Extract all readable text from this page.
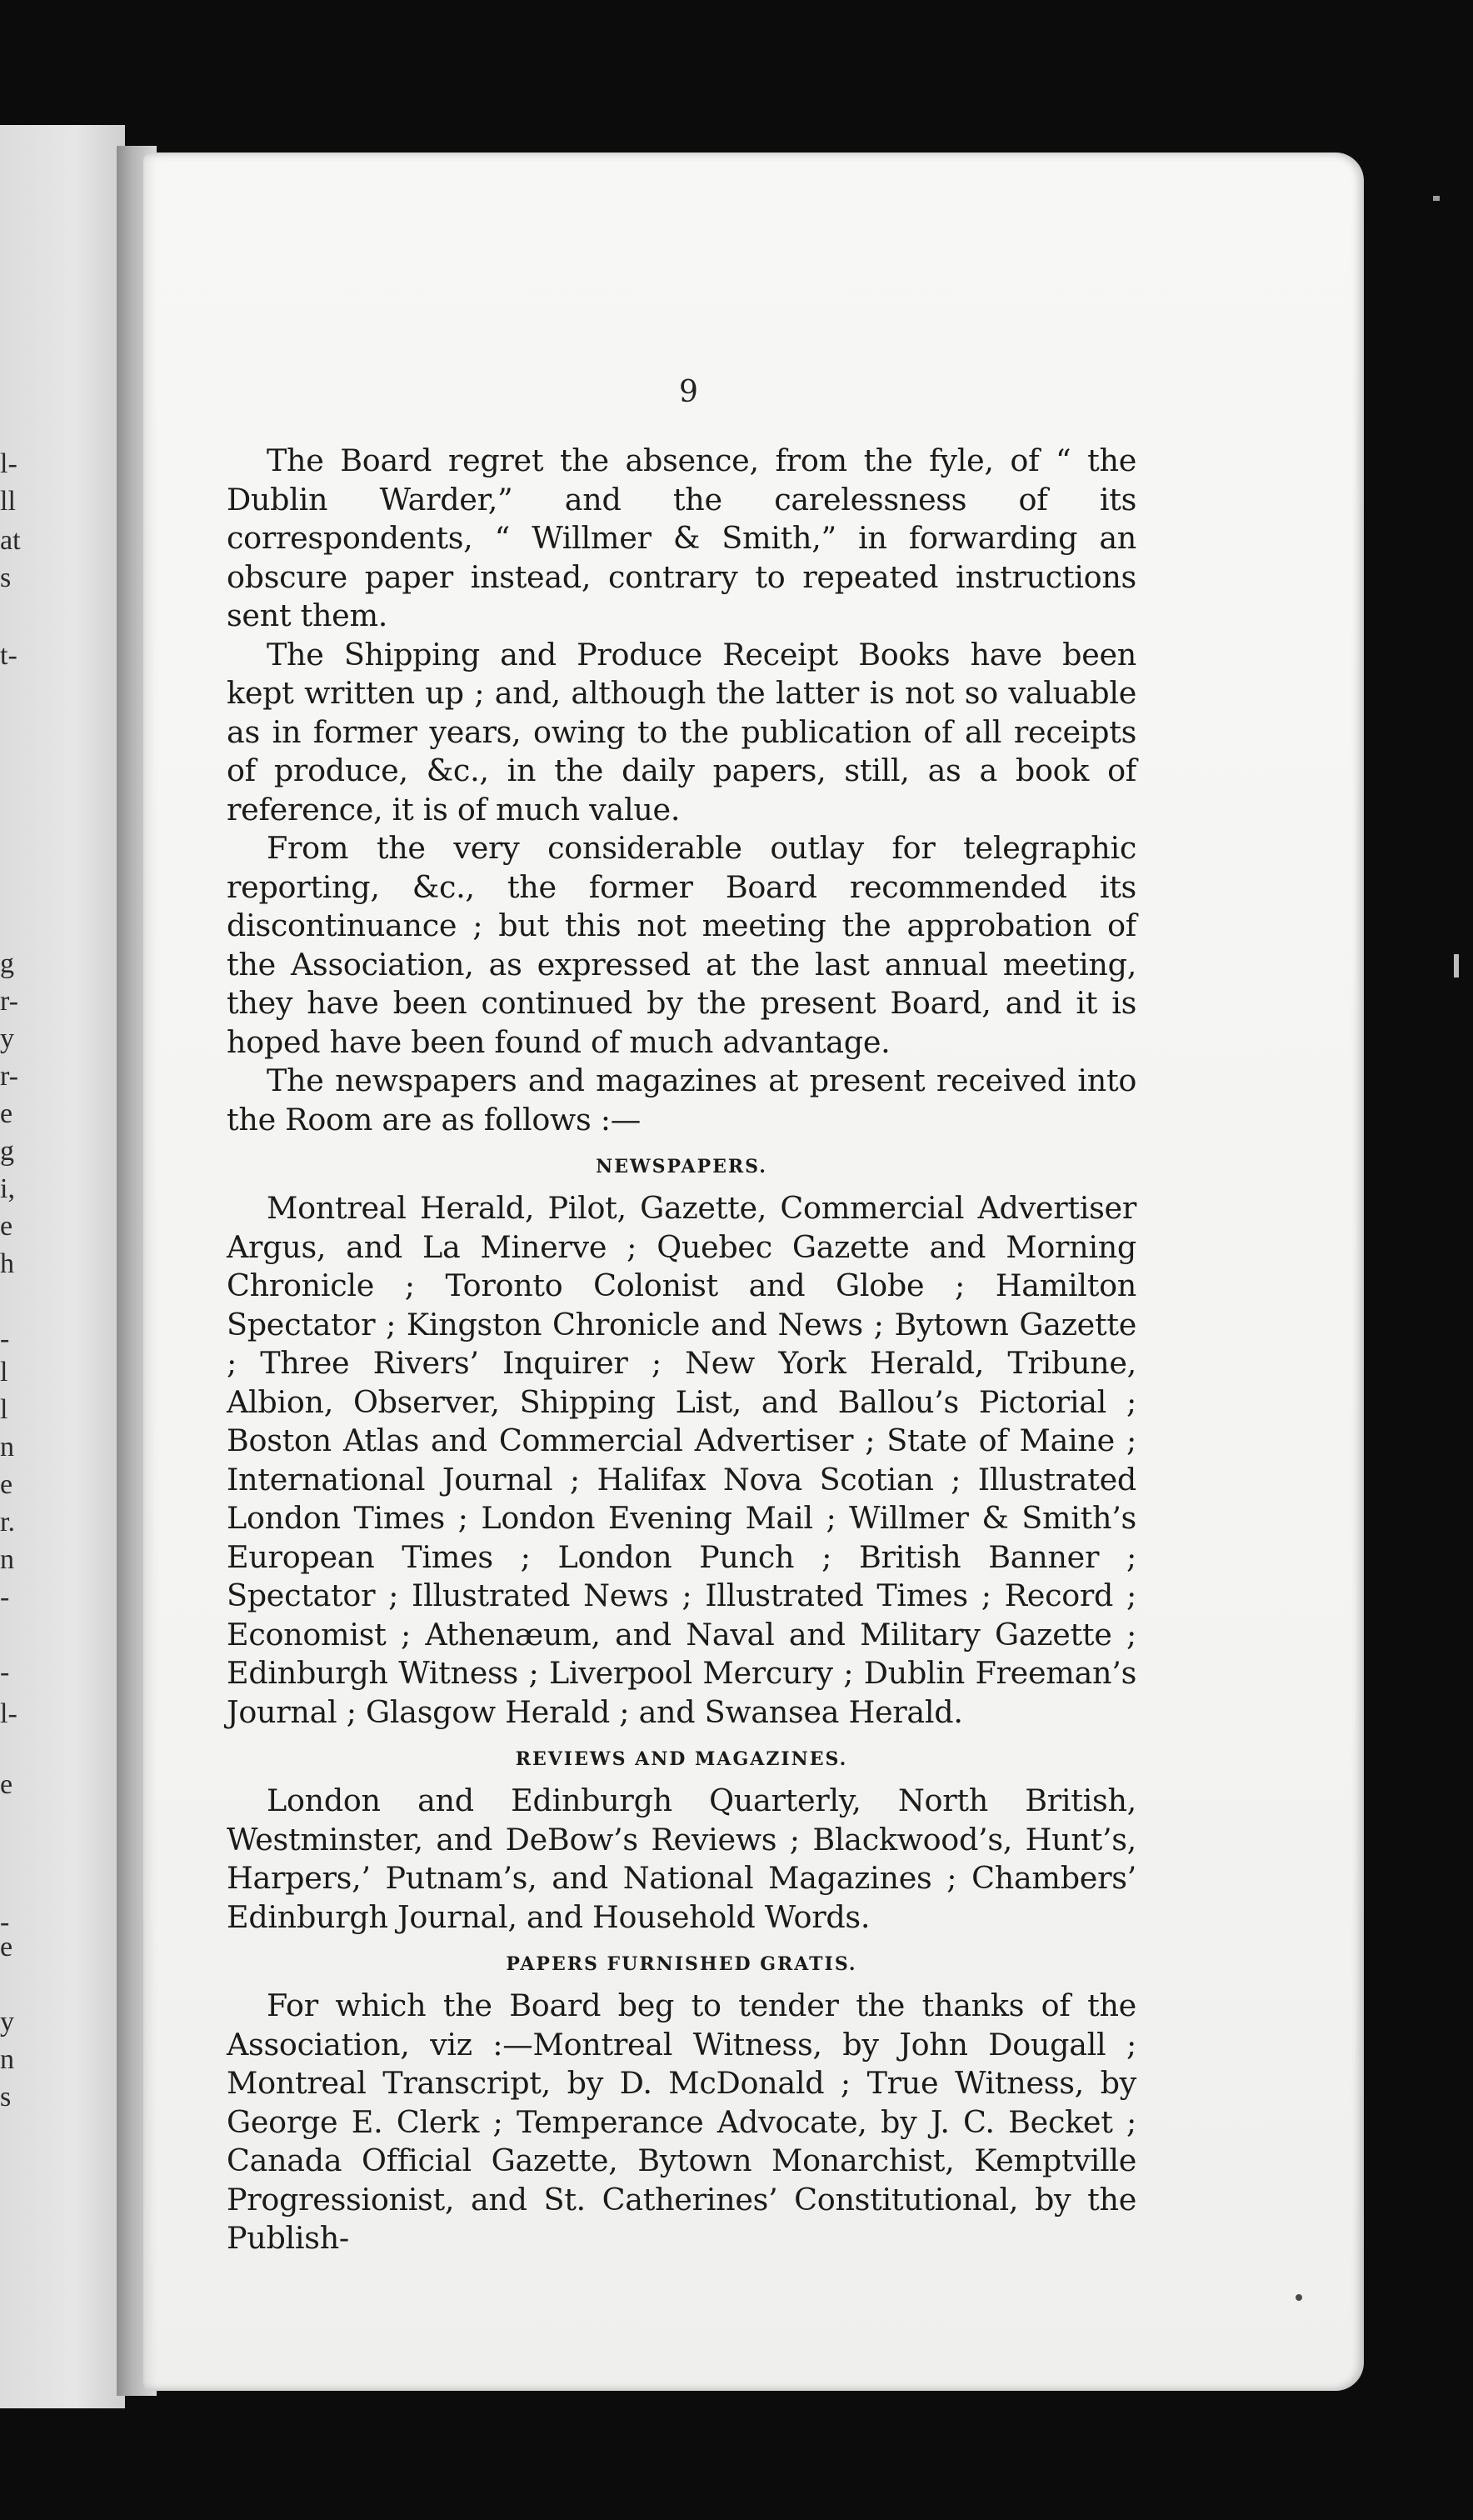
l-
ll
at
s
t-
g
r-
y
r-
e
g
i,
e
h
-
l
l
n
e
r.
n
-
-
l-
e
-
e
y
n
s
9

The Board regret the absence, from the fyle, of “ the Dublin Warder,” and the carelessness of its correspondents, “ Willmer & Smith,” in forwarding an obscure paper instead, contrary to repeated instructions sent them.

The Shipping and Produce Receipt Books have been kept written up ; and, although the latter is not so valuable as in former years, owing to the publication of all receipts of produce, &c., in the daily papers, still, as a book of reference, it is of much value.

From the very considerable outlay for telegraphic reporting, &c., the former Board recommended its discontinuance ; but this not meeting the approbation of the Association, as expressed at the last annual meeting, they have been continued by the present Board, and it is hoped have been found of much advantage.

The newspapers and magazines at present received into the Room are as follows :—

NEWSPAPERS.

Montreal Herald, Pilot, Gazette, Commercial Advertiser Argus, and La Minerve ; Quebec Gazette and Morning Chronicle ; Toronto Colonist and Globe ; Hamilton Spectator ; Kingston Chronicle and News ; Bytown Gazette ; Three Rivers’ Inquirer ; New York Herald, Tribune, Albion, Observer, Shipping List, and Ballou’s Pictorial ; Boston Atlas and Commercial Advertiser ; State of Maine ; International Journal ; Halifax Nova Scotian ; Illustrated London Times ; London Evening Mail ; Willmer & Smith’s European Times ; London Punch ; British Banner ; Spectator ; Illustrated News ; Illustrated Times ; Record ; Economist ; Athenæum, and Naval and Military Gazette ; Edinburgh Witness ; Liverpool Mercury ; Dublin Freeman’s Journal ; Glasgow Herald ; and Swansea Herald.

REVIEWS AND MAGAZINES.

London and Edinburgh Quarterly, North British, Westminster, and DeBow’s Reviews ; Blackwood’s, Hunt’s, Harpers,’ Putnam’s, and National Magazines ; Chambers’ Edinburgh Journal, and Household Words.

PAPERS FURNISHED GRATIS.

For which the Board beg to tender the thanks of the Association, viz :—Montreal Witness, by John Dougall ; Montreal Transcript, by D. McDonald ; True Witness, by George E. Clerk ; Temperance Advocate, by J. C. Becket ; Canada Official Gazette, Bytown Monarchist, Kemptville Progressionist, and St. Catherines’ Constitutional, by the Publish-
